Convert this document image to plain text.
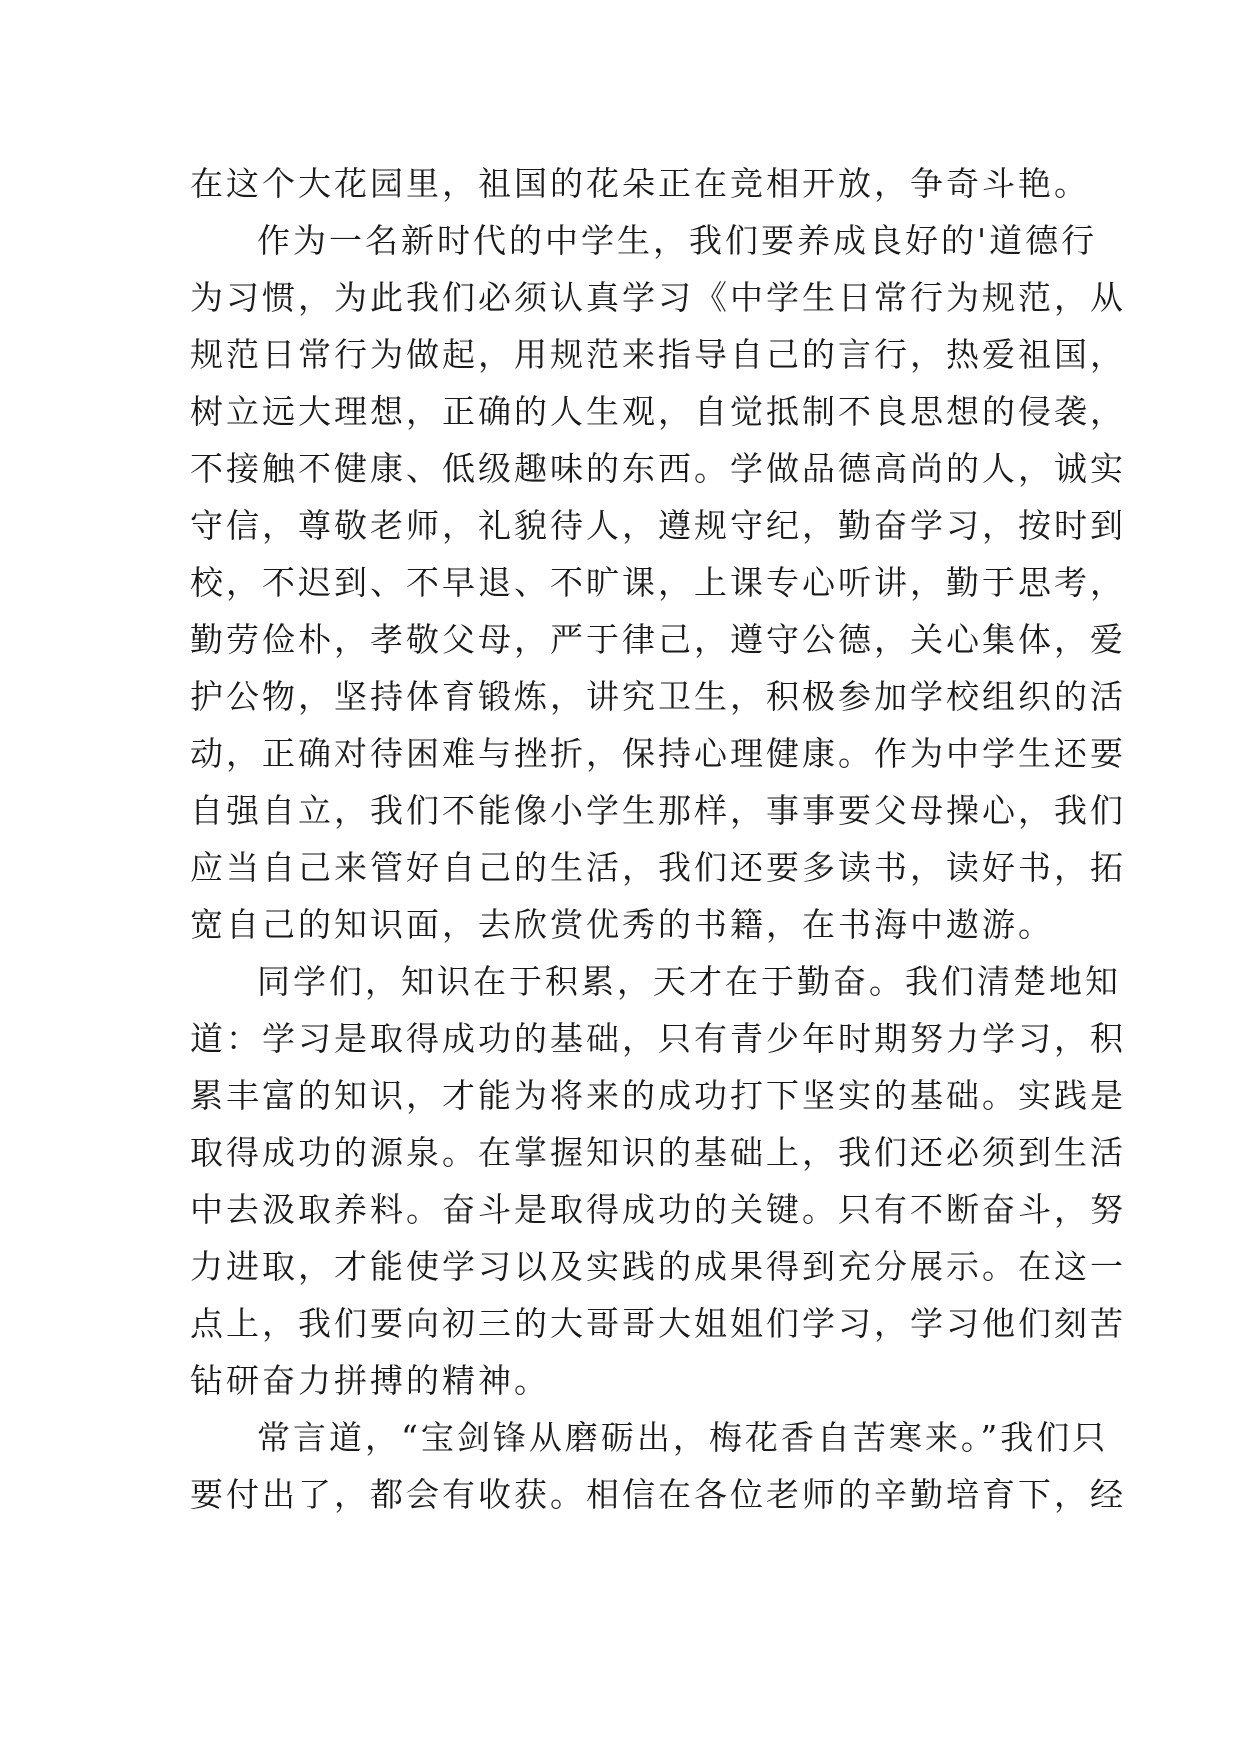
在这个大花园里，祖国的花朵正在竞相开放，争奇斗艳。
作为一名新时代的中学生，我们要养成良好的'道德行
为习惯，为此我们必须认真学习《中学生日常行为规范，从
规范日常行为做起，用规范来指导自己的言行，热爱祖国，
树立远大理想，正确的人生观，自觉抵制不良思想的侵袭，
不接触不健康、低级趣味的东西。学做品德高尚的人，诚实
守信，尊敬老师，礼貌待人，遵规守纪，勤奋学习，按时到
校，不迟到、不早退、不旷课，上课专心听讲，勤于思考，
勤劳俭朴，孝敬父母，严于律己，遵守公德，关心集体，爱
护公物，坚持体育锻炼，讲究卫生，积极参加学校组织的活
动，正确对待困难与挫折，保持心理健康。作为中学生还要
自强自立，我们不能像小学生那样，事事要父母操心，我们
应当自己来管好自己的生活，我们还要多读书，读好书，拓
宽自己的知识面，去欣赏优秀的书籍，在书海中遨游。
同学们，知识在于积累，天才在于勤奋。我们清楚地知
道：学习是取得成功的基础，只有青少年时期努力学习，积
累丰富的知识，才能为将来的成功打下坚实的基础。实践是
取得成功的源泉。在掌握知识的基础上，我们还必须到生活
中去汲取养料。奋斗是取得成功的关键。只有不断奋斗，努
力进取，才能使学习以及实践的成果得到充分展示。在这一
点上，我们要向初三的大哥哥大姐姐们学习，学习他们刻苦
钻研奋力拼搏的精神。
常言道，“宝剑锋从磨砺出，梅花香自苦寒来。”我们只
要付出了，都会有收获。相信在各位老师的辛勤培育下，经
